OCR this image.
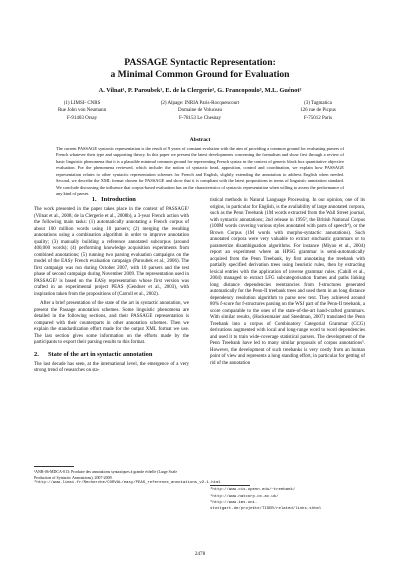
PASSAGE Syntactic Representation:
a Minimal Common Ground for Evaluation
A. Vilnat¹, P. Paroubek¹, E. de la Clergerie², G. Francopoulo³, M.L. Guénot²
(1) LIMSI- CNRS
Rue John von Neumann
F-91403 Orsay
(2) Alpage: INRIA Paris-Rocquencourt
Domaine de Voluceau
F-78153 Le Chesnay
(3) Tagmatica
126 rue de Picpus
F-75012 Paris
Abstract
The current PASSAGE syntactic representation is the result of 9 years of constant evolution with the aim of providing a common ground for evaluating parsers of French whatever their type and supporting theory. In this paper we present the latest developments concerning the formalism and show first through a review of basic linguistic phenomena that it is a plausible minimal common ground for representing French syntax in the context of generic black box quantitative objective evaluation. For the phenomena reviewed, which include: the notion of syntactic head, apposition, control and coordination, we explain how PASSAGE representation relates to other syntactic representation schemes for French and English, slightly extending the annotation to address English when needed. Second, we describe the XML format chosen for PASSAGE and show that it is compliant with the latest propositions in terms of linguistic annotation standard. We conclude discussing the influence that corpus-based evaluation has on the characteristics of syntactic representation when willing to assess the performance of any kind of parser.
1. Introduction

The work presented in the paper takes place in the context of PASSAGE¹ (Vilnat et al., 2008; de la Clergerie et al., 2008b), a 3-year French action with the following main tasks: (1) automatically annotating a French corpus of about 100 million words using 10 parsers; (2) merging the resulting annotations using a combination algorithm in order to improve annotation quality; (3) manually building a reference annotated subcorpus (around 400,000 words); (4) performing knowledge acquisition experiments from combined annotations; (5) running two parsing evaluation campaigns on the model of the EASy French evaluation campaign (Paroubek et al., 2006). The first campaign was run during October 2007, with 10 parsers and the test phase of second campaign during November 2009. The representation used in PASSAGE² is based on the EASy representation whose first version was crafted in an experimental project PEAS (Gendner et al., 2003), with inspiration taken from the propositions of (Carroll et al., 2002).

After a brief presentation of the state of the art in syntactic annotation, we present the Passage annotation schemes. Some linguistic phenomena are detailed in the following sections, and their PASSAGE representation is compared with their counterparts in other annotation schemes. Then we explain the standardization effort made for the output XML format we use. The last section gives some information on the efforts made by the participants to export their parsing results to this format.

2. State of the art in syntactic annotation

The last decade has seen, at the international level, the emergence of a very strong trend of researches on sta-

tistical methods in Natural Language Processing. In our opinion, one of its origins, in particular for English, is the availability of large annotated corpora, such as the Penn Treebank (1M words extracted from the Wall Street journal, with syntactic annotations; 2nd release in 1995³, the British National Corpus (100M words covering various styles annotated with parts of speech⁴), or the Brown Corpus (1M words with morpho-syntactic annotations). Such annotated corpora were very valuable to extract stochastic grammars or to parametrize disambiguation algorithms. For instance (Miyao et al., 2004) report an experiment where an HPSG grammar is semi-automatically acquired from the Penn Treebank, by first annotating the treebank with partially specified derivation trees using heuristic rules, then by extracting lexical entries with the application of inverse grammar rules. (Cahill et al., 2004) managed to extract LFG subcategorisation frames and paths linking long distance dependencies reentrancies from f-structures generated automatically for the Penn-II treebank trees and used them in an long distance dependency resolution algorithm to parse new text. They achieved around 80% f-score for f-structures parsing on the WSJ part of the Penn-II treebank, a score comparable to the ones of the state-of-the-art hand-crafted grammars. With similar results, (Hockenmaier and Steedman, 2007) translated the Penn Treebank into a corpus of Combinatory Categorial Grammar (CCG) derivations augmented with local and long-range word to word dependencies and used it to train wide-coverage statistical parsers. The development of the Penn Treebank have led to many similar proposals of corpus annotations⁵. However, the development of such treebanks is very costly from an human point of view and represents a long standing effort, in particular for getting of rid of the annotation

¹ANR-06-MDCA-013: Produire des annotations syntaxiques à grande échelle (Large Scale Production of Syntactic Annotations), 2007-2009.
²http://www.limsi.fr/Recherche/CORVAL/easy/PEAS_reference_annotations_v2.1.html
³http://www.cis.upenn.edu/~treebank/
⁴http://www.natcorp.ox.ac.uk/
⁵http://www.ims.uni-stuttgart.de/projekte/TIGER/related/links.shtml
2478
